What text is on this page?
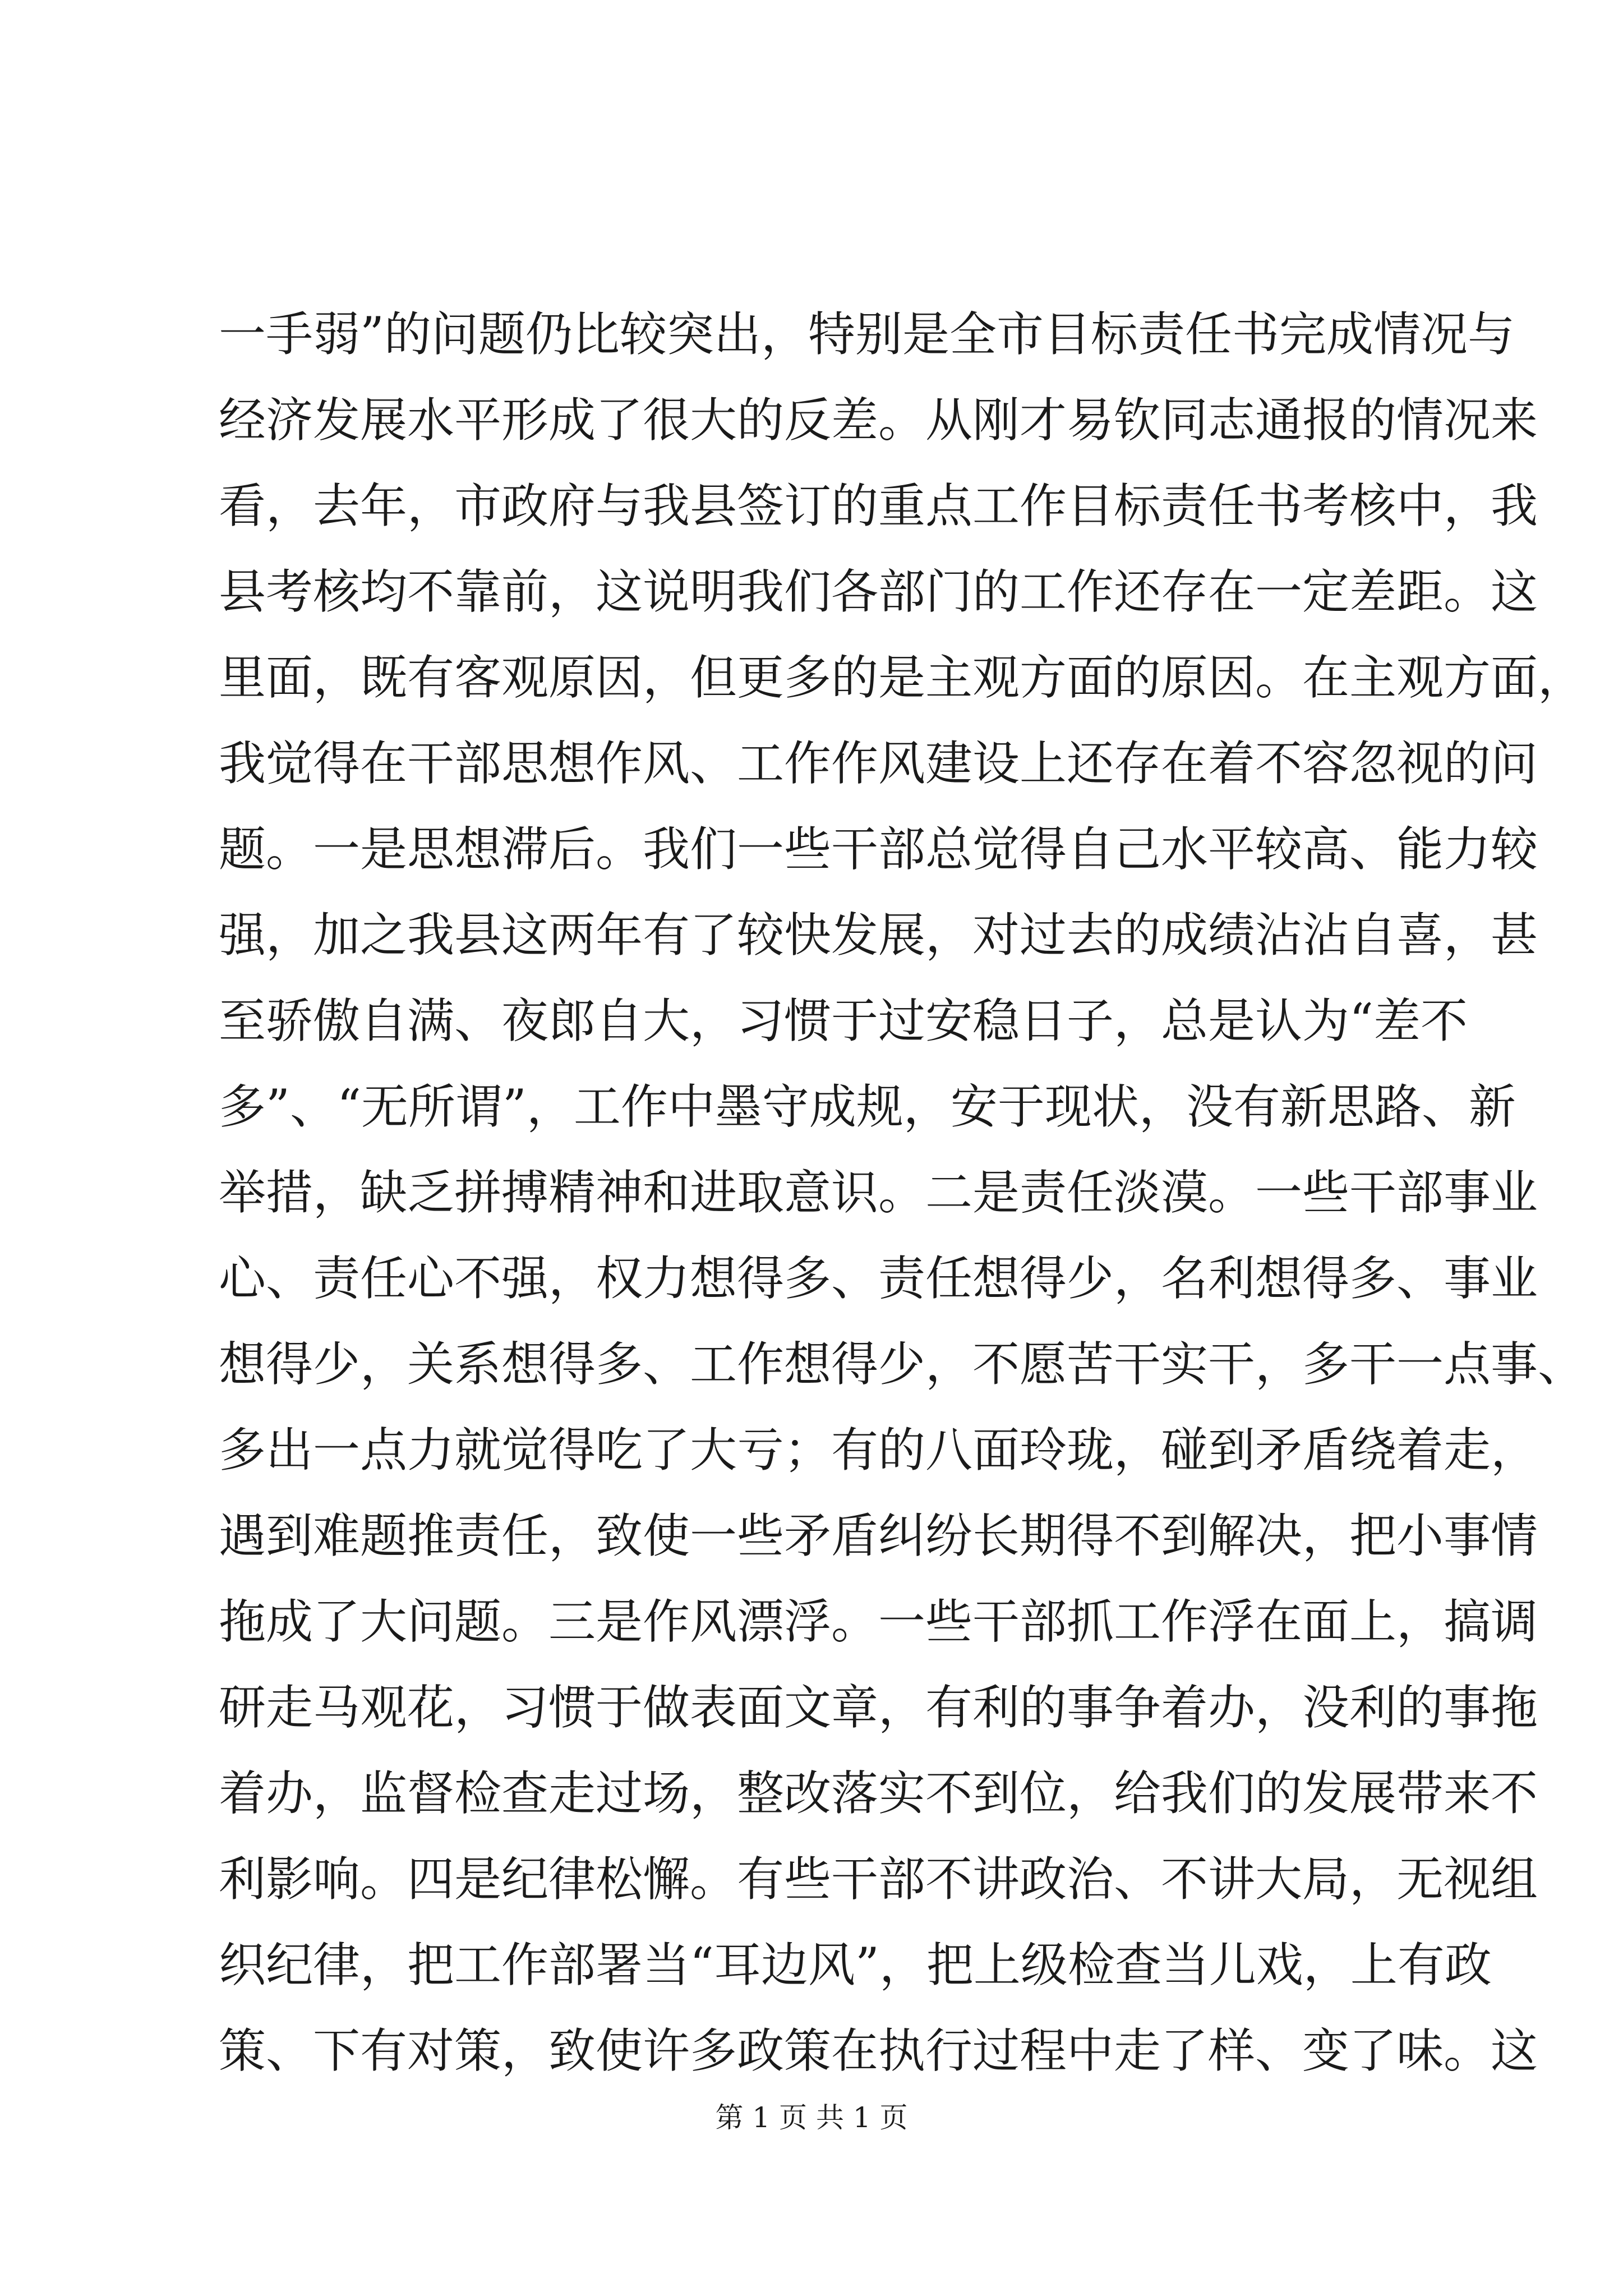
一手弱”的问题仍比较突出，特别是全市目标责任书完成情况与
经济发展水平形成了很大的反差。从刚才易钦同志通报的情况来
看，去年，市政府与我县签订的重点工作目标责任书考核中，我
县考核均不靠前，这说明我们各部门的工作还存在一定差距。这
里面，既有客观原因，但更多的是主观方面的原因。在主观方面，
我觉得在干部思想作风、工作作风建设上还存在着不容忽视的问
题。一是思想滞后。我们一些干部总觉得自己水平较高、能力较
强，加之我县这两年有了较快发展，对过去的成绩沾沾自喜，甚
至骄傲自满、夜郎自大，习惯于过安稳日子，总是认为“差不
多”、“无所谓”，工作中墨守成规，安于现状，没有新思路、新
举措，缺乏拼搏精神和进取意识。二是责任淡漠。一些干部事业
心、责任心不强，权力想得多、责任想得少，名利想得多、事业
想得少，关系想得多、工作想得少，不愿苦干实干，多干一点事、
多出一点力就觉得吃了大亏；有的八面玲珑，碰到矛盾绕着走，
遇到难题推责任，致使一些矛盾纠纷长期得不到解决，把小事情
拖成了大问题。三是作风漂浮。一些干部抓工作浮在面上，搞调
研走马观花，习惯于做表面文章，有利的事争着办，没利的事拖
着办，监督检查走过场，整改落实不到位，给我们的发展带来不
利影响。四是纪律松懈。有些干部不讲政治、不讲大局，无视组
织纪律，把工作部署当“耳边风”，把上级检查当儿戏，上有政
策、下有对策，致使许多政策在执行过程中走了样、变了味。这
第 1 页 共 1 页
